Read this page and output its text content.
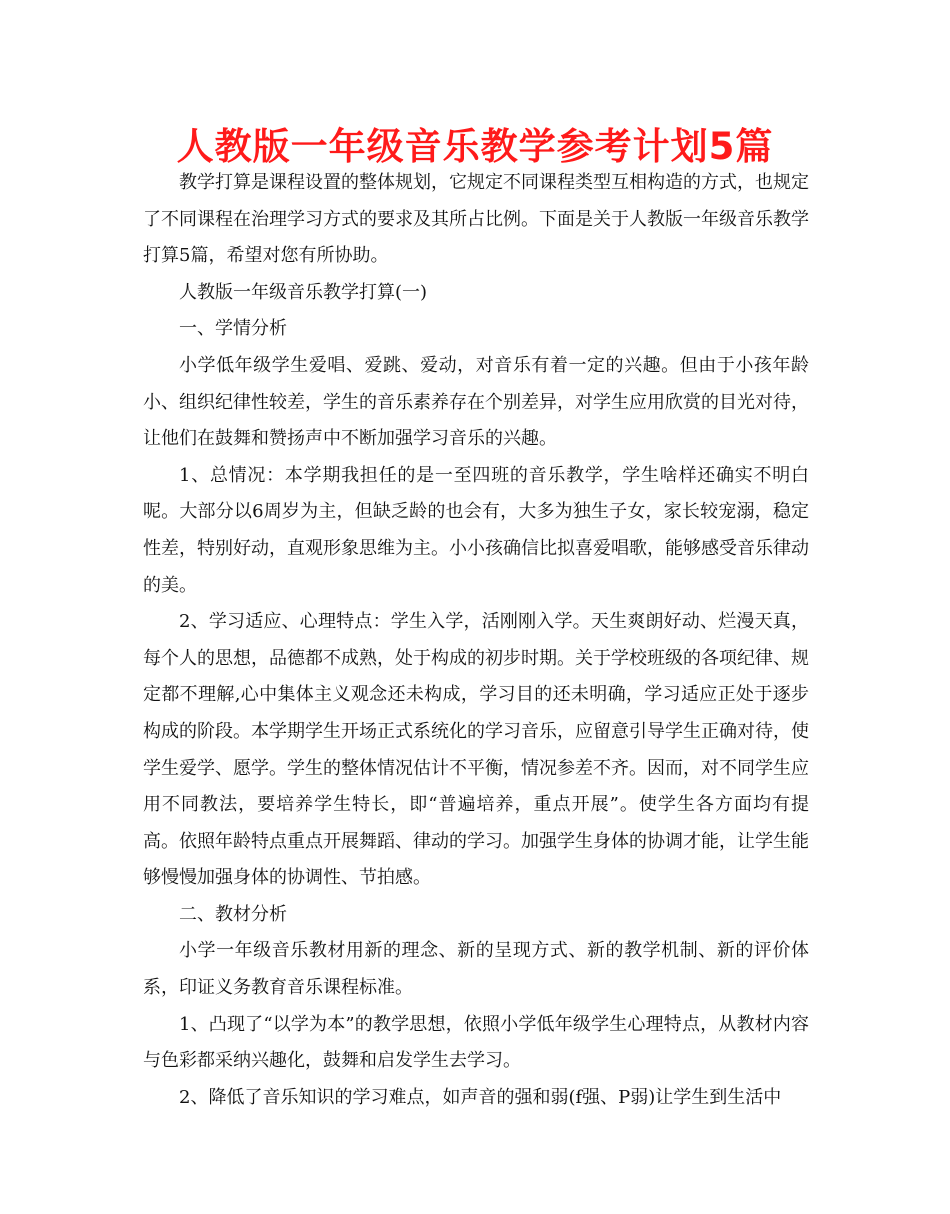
人教版一年级音乐教学参考计划5篇

教学打算是课程设置的整体规划，它规定不同课程类型互相构造的方式，也规定了不同课程在治理学习方式的要求及其所占比例。下面是关于人教版一年级音乐教学打算5篇，希望对您有所协助。

人教版一年级音乐教学打算(一)

一、学情分析

小学低年级学生爱唱、爱跳、爱动，对音乐有着一定的兴趣。但由于小孩年龄小、组织纪律性较差，学生的音乐素养存在个别差异，对学生应用欣赏的目光对待，让他们在鼓舞和赞扬声中不断加强学习音乐的兴趣。

1、总情况：本学期我担任的是一至四班的音乐教学，学生啥样还确实不明白呢。大部分以6周岁为主，但缺乏龄的也会有，大多为独生子女，家长较宠溺，稳定性差，特别好动，直观形象思维为主。小小孩确信比拟喜爱唱歌，能够感受音乐律动的美。

2、学习适应、心理特点：学生入学，活刚刚入学。天生爽朗好动、烂漫天真，每个人的思想，品德都不成熟，处于构成的初步时期。关于学校班级的各项纪律、规定都不理解,心中集体主义观念还未构成，学习目的还未明确，学习适应正处于逐步构成的阶段。本学期学生开场正式系统化的学习音乐，应留意引导学生正确对待，使学生爱学、愿学。学生的整体情况估计不平衡，情况参差不齐。因而，对不同学生应用不同教法，要培养学生特长，即“普遍培养，重点开展”。使学生各方面均有提高。依照年龄特点重点开展舞蹈、律动的学习。加强学生身体的协调才能，让学生能够慢慢加强身体的协调性、节拍感。

二、教材分析

小学一年级音乐教材用新的理念、新的呈现方式、新的教学机制、新的评价体系，印证义务教育音乐课程标准。

1、凸现了“以学为本”的教学思想，依照小学低年级学生心理特点，从教材内容与色彩都采纳兴趣化，鼓舞和启发学生去学习。

2、降低了音乐知识的学习难点，如声音的强和弱(f强、P弱)让学生到生活中
